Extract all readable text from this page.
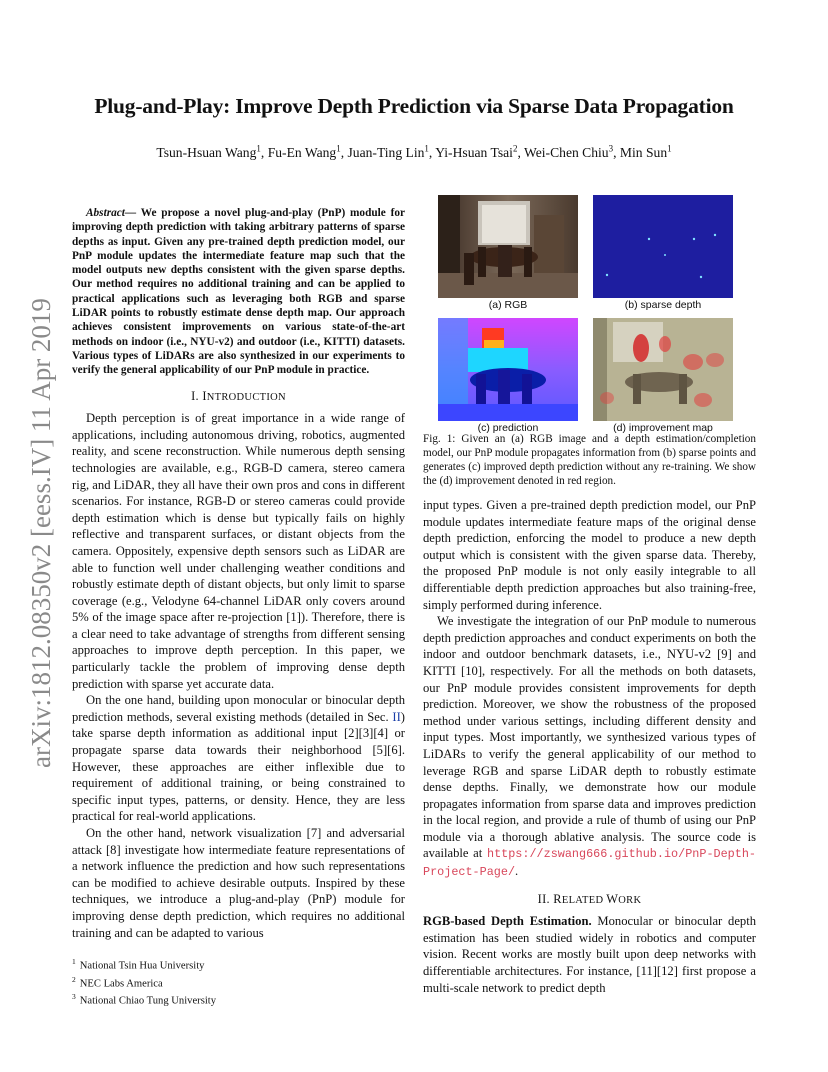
arXiv:1812.08350v2 [eess.IV] 11 Apr 2019
Plug-and-Play: Improve Depth Prediction via Sparse Data Propagation
Tsun-Hsuan Wang$^1$, Fu-En Wang$^1$, Juan-Ting Lin$^1$, Yi-Hsuan Tsai$^2$, Wei-Chen Chiu$^3$, Min Sun$^1$

Abstract— We propose a novel plug-and-play (PnP) module for improving depth prediction with taking arbitrary patterns of sparse depths as input. Given any pre-trained depth prediction model, our PnP module updates the intermediate feature map such that the model outputs new depths consistent with the given sparse depths. Our method requires no additional training and can be applied to practical applications such as leveraging both RGB and sparse LiDAR points to robustly estimate dense depth map. Our approach achieves consistent improvements on various state-of-the-art methods on indoor (i.e., NYU-v2) and outdoor (i.e., KITTI) datasets. Various types of LiDARs are also synthesized in our experiments to verify the general applicability of our PnP module in practice.

I. INTRODUCTION

Depth perception is of great importance in a wide range of applications, including autonomous driving, robotics, augmented reality, and scene reconstruction. While numerous depth sensing technologies are available, e.g., RGB-D camera, stereo camera rig, and LiDAR, they all have their own pros and cons in different scenarios. For instance, RGB-D or stereo cameras could provide depth estimation which is dense but typically fails on highly reflective and transparent surfaces, or distant objects from the camera. Oppositely, expensive depth sensors such as LiDAR are able to function well under challenging weather conditions and robustly estimate depth of distant objects, but only limit to sparse coverage (e.g., Velodyne 64-channel LiDAR only covers around 5% of the image space after re-projection [1]). Therefore, there is a clear need to take advantage of strengths from different sensing approaches to improve depth perception. In this paper, we particularly tackle the problem of improving dense depth prediction with sparse yet accurate data.

On the one hand, building upon monocular or binocular depth prediction methods, several existing methods (detailed in Sec. II) take sparse depth information as additional input [2][3][4] or propagate sparse data towards their neighborhood [5][6]. However, these approaches are either inflexible due to requirement of additional training, or being constrained to specific input types, patterns, or density. Hence, they are less practical for real-world applications.

On the other hand, network visualization [7] and adversarial attack [8] investigate how intermediate feature representations of a network influence the prediction and how such representations can be modified to achieve desirable outputs. Inspired by these techniques, we introduce a plug-and-play (PnP) module for improving dense depth prediction, which requires no additional training and can be adapted to various

$^1$ National Tsin Hua University
$^2$ NEC Labs America
$^3$ National Chiao Tung University
(a) RGB	(b) sparse depth
(c) prediction	(d) improvement map
Fig. 1: Given an (a) RGB image and a depth estimation/completion model, our PnP module propagates information from (b) sparse points and generates (c) improved depth prediction without any re-training. We show the (d) improvement denoted in red region.

input types. Given a pre-trained depth prediction model, our PnP module updates intermediate feature maps of the original dense depth prediction, enforcing the model to produce a new depth output which is consistent with the given sparse data. Thereby, the proposed PnP module is not only easily integrable to all differentiable depth prediction approaches but also training-free, simply performed during inference.

We investigate the integration of our PnP module to numerous depth prediction approaches and conduct experiments on both the indoor and outdoor benchmark datasets, i.e., NYU-v2 [9] and KITTI [10], respectively. For all the methods on both datasets, our PnP module provides consistent improvements for depth prediction. Moreover, we show the robustness of the proposed method under various settings, including different density and input types. Most importantly, we synthesized various types of LiDARs to verify the general applicability of our method to leverage RGB and sparse LiDAR depth to robustly estimate dense depths. Finally, we demonstrate how our module propagates information from sparse data and improves prediction in the local region, and provide a rule of thumb of using our PnP module via a thorough ablative analysis. The source code is available at https://zswang666.github.io/PnP-Depth-Project-Page/.

II. RELATED WORK

RGB-based Depth Estimation. Monocular or binocular depth estimation has been studied widely in robotics and computer vision. Recent works are mostly built upon deep networks with differentiable architectures. For instance, [11][12] first propose a multi-scale network to predict depth
